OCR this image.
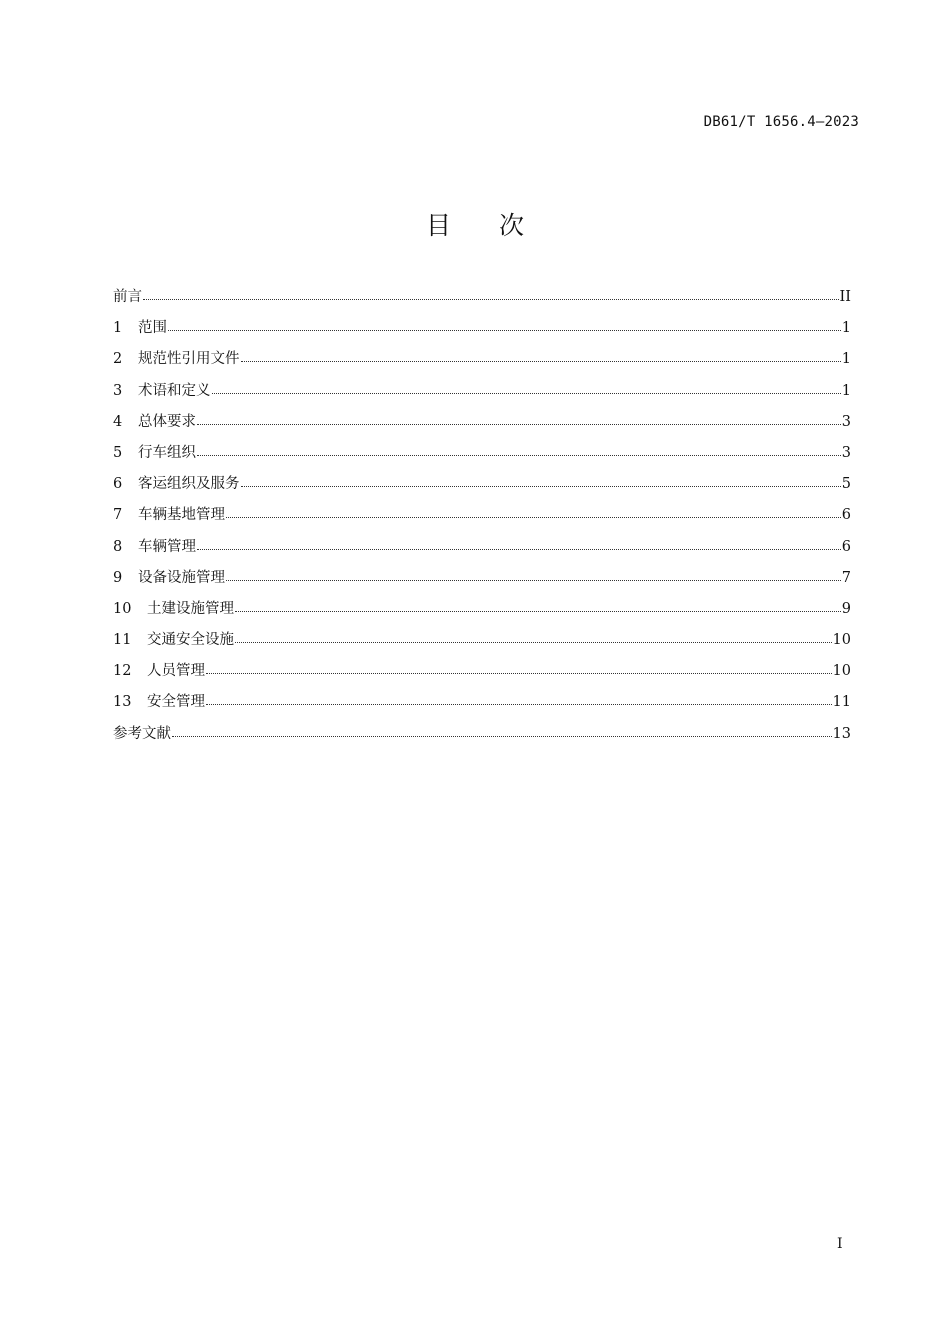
DB61/T 1656.4—2023
目 次
前言	II
1	范围	1
2	规范性引用文件	1
3	术语和定义	1
4	总体要求	3
5	行车组织	3
6	客运组织及服务	5
7	车辆基地管理	6
8	车辆管理	6
9	设备设施管理	7
10	土建设施管理	9
11	交通安全设施	10
12	人员管理	10
13	安全管理	11
参考文献	13
I
